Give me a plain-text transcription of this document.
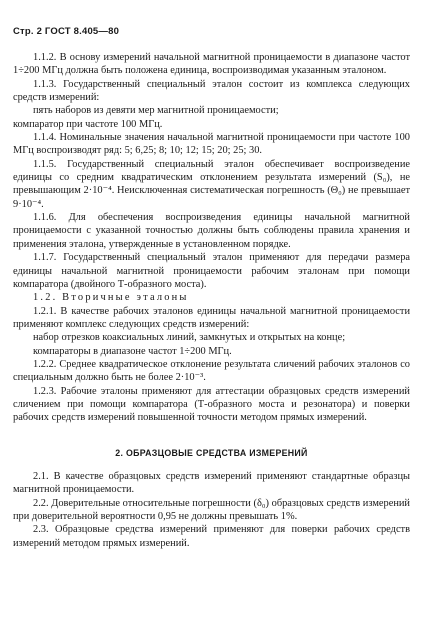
Стр. 2 ГОСТ 8.405—80

1.1.2. В основу измерений начальной магнитной проницаемости в диапазоне частот 1÷200 МГц должна быть положена единица, воспроизводимая указанным эталоном.

1.1.3. Государственный специальный эталон состоит из комплекса следующих средств измерений:

пять наборов из девяти мер магнитной проницаемости;

компаратор при частоте 100 МГц.

1.1.4. Номинальные значения начальной магнитной проницаемости при частоте 100 МГц воспроизводят ряд: 5; 6,25; 8; 10; 12; 15; 20; 25; 30.

1.1.5. Государственный специальный эталон обеспечивает воспроизведение единицы со средним квадратическим отклонением результата измерений (S₀), не превышающим 2·10⁻⁴. Неисключенная систематическая погрешность (Θ₀) не превышает 9·10⁻⁴.

1.1.6. Для обеспечения воспроизведения единицы начальной магнитной проницаемости с указанной точностью должны быть соблюдены правила хранения и применения эталона, утвержденные в установленном порядке.

1.1.7. Государственный специальный эталон применяют для передачи размера единицы начальной магнитной проницаемости рабочим эталонам при помощи компаратора (двойного Т-образного моста).

1.2. Вторичные эталоны

1.2.1. В качестве рабочих эталонов единицы начальной магнитной проницаемости применяют комплекс следующих средств измерений:

набор отрезков коаксиальных линий, замкнутых и открытых на конце;

компараторы в диапазоне частот 1÷200 МГц.

1.2.2. Среднее квадратическое отклонение результата сличений рабочих эталонов со специальным должно быть не более 2·10⁻³.

1.2.3. Рабочие эталоны применяют для аттестации образцовых средств измерений сличением при помощи компаратора (Т-образного моста и резонатора) и поверки рабочих средств измерений повышенной точности методом прямых измерений.

2. ОБРАЗЦОВЫЕ СРЕДСТВА ИЗМЕРЕНИЙ

2.1. В качестве образцовых средств измерений применяют стандартные образцы магнитной проницаемости.

2.2. Доверительные относительные погрешности (δ₀) образцовых средств измерений при доверительной вероятности 0,95 не должны превышать 1%.

2.3. Образцовые средства измерений применяют для поверки рабочих средств измерений методом прямых измерений.
